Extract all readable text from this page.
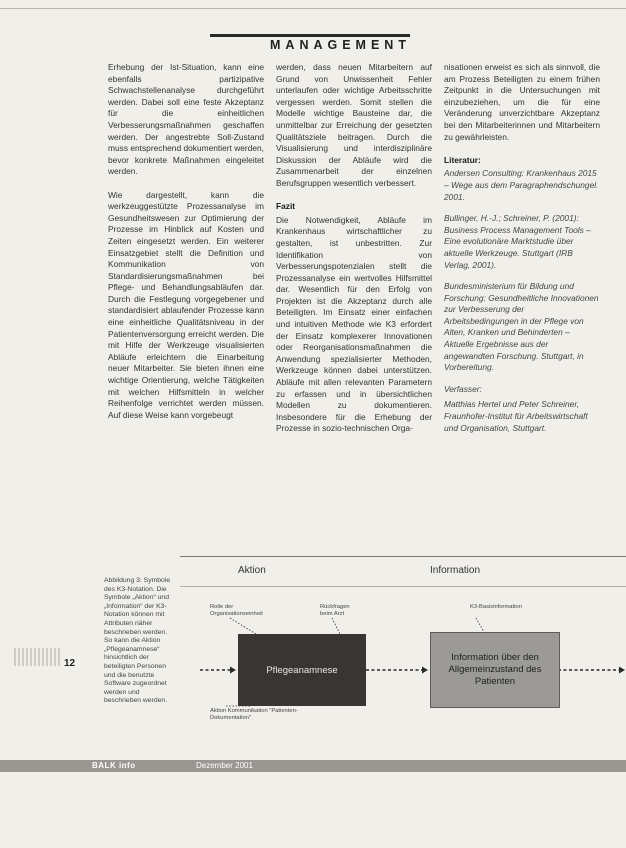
MANAGEMENT

Erhebung der Ist-Situation, kann eine ebenfalls partizipative Schwachstellenanalyse durchgeführt werden. Dabei soll eine feste Akzeptanz für die einheitlichen Verbesserungsmaßnahmen geschaffen werden. Der angestrebte Soll-Zustand muss entsprechend dokumentiert werden, bevor konkrete Maßnahmen eingeleitet werden.

Wie dargestellt, kann die werkzeuggestützte Prozessanalyse im Gesundheitswesen zur Optimierung der Prozesse im Hinblick auf Kosten und Zeiten eingesetzt werden. Ein weiterer Einsatzgebiet stellt die Definition und Kommunikation von Standardisierungsmaßnahmen bei Pflege- und Behandlungsabläufen dar. Durch die Festlegung vorgegebener und standardisiert ablaufender Prozesse kann eine einheitliche Qualitätsniveau in der Patientenversorgung erreicht werden. Die mit Hilfe der Werkzeuge visualisierten Abläufe erleichtern die Einarbeitung neuer Mitarbeiter. Sie bieten ihnen eine wichtige Orientierung, welche Tätigkeiten mit welchen Hilfsmitteln in welcher Reihenfolge verrichtet werden müssen. Auf diese Weise kann vorgebeugt

werden, dass neuen Mitarbeitern auf Grund von Unwissenheit Fehler unterlaufen oder wichtige Arbeitsschritte vergessen werden. Somit stellen die Modelle wichtige Bausteine dar, die unmittelbar zur Erreichung der gesetzten Qualitätsziele beitragen. Durch die Visualisierung und interdisziplinäre Diskussion der Abläufe wird die Zusammenarbeit der einzelnen Berufsgruppen wesentlich verbessert.

Fazit

Die Notwendigkeit, Abläufe im Krankenhaus wirtschaftlicher zu gestalten, ist unbestritten. Zur Identifikation von Verbesserungspotenzialen stellt die Prozessanalyse ein wertvolles Hilfsmittel dar. Wesentlich für den Erfolg von Projekten ist die Akzeptanz durch alle Beteiligten. Im Einsatz einer einfachen und intuitiven Methode wie K3 erfordert der Einsatz komplexerer Innovationen oder Reorganisationsmaßnahmen die Anwendung spezialisierter Methoden, Werkzeuge können dabei unterstützen. Abläufe mit allen relevanten Parametern zu erfassen und in übersichtlichen Modellen zu dokumentieren. Insbesondere für die Erhebung der Prozesse in sozio-technischen Orga-

nisationen erweist es sich als sinnvoll, die am Prozess Beteiligten zu einem frühen Zeitpunkt in die Untersuchungen mit einzubeziehen, um die für eine Veränderung unverzichtbare Akzeptanz bei den Mitarbeiterinnen und Mitarbeitern zu gewährleisten.

Literatur:
Andersen Consulting: Krankenhaus 2015 – Wege aus dem Paragraphendschungel. 2001.
Bullinger, H.-J.; Schreiner, P. (2001): Business Process Management Tools – Eine evolutionäre Marktstudie über aktuelle Werkzeuge. Stuttgart (IRB Verlag, 2001).
Bundesministerium für Bildung und Forschung: Gesundheitliche Innovationen zur Verbesserung der Arbeitsbedingungen in der Pflege von Alten, Kranken und Behinderten – Aktuelle Ergebnisse aus der angewandten Forschung. Stuttgart, in Vorbereitung.
Verfasser:
Matthias Hertel und Peter Schreiner, Fraunhofer-Institut für Arbeitswirtschaft und Organisation, Stuttgart.
12
Abbildung 3: Symbole des K3-Notation. Die Symbole „Aktion“ und „Information“ der K3-Notation können mit Attributen näher beschrieben werden. So kann die Aktion „Pflegeanamnese“ hinsichtlich der beteiligten Personen und die benutzte Software zugeordnet werden und beschrieben werden.
Aktion	Information
Rolle der Organisationseinheit
Rückfragen beim Arzt
K3-Basisinformation
Aktion Kommunikation "Patienten-Dokumentation"
Pflegeanamnese
Information über den Allgemeinzustand des Patienten
BALK info	Dezember 2001
